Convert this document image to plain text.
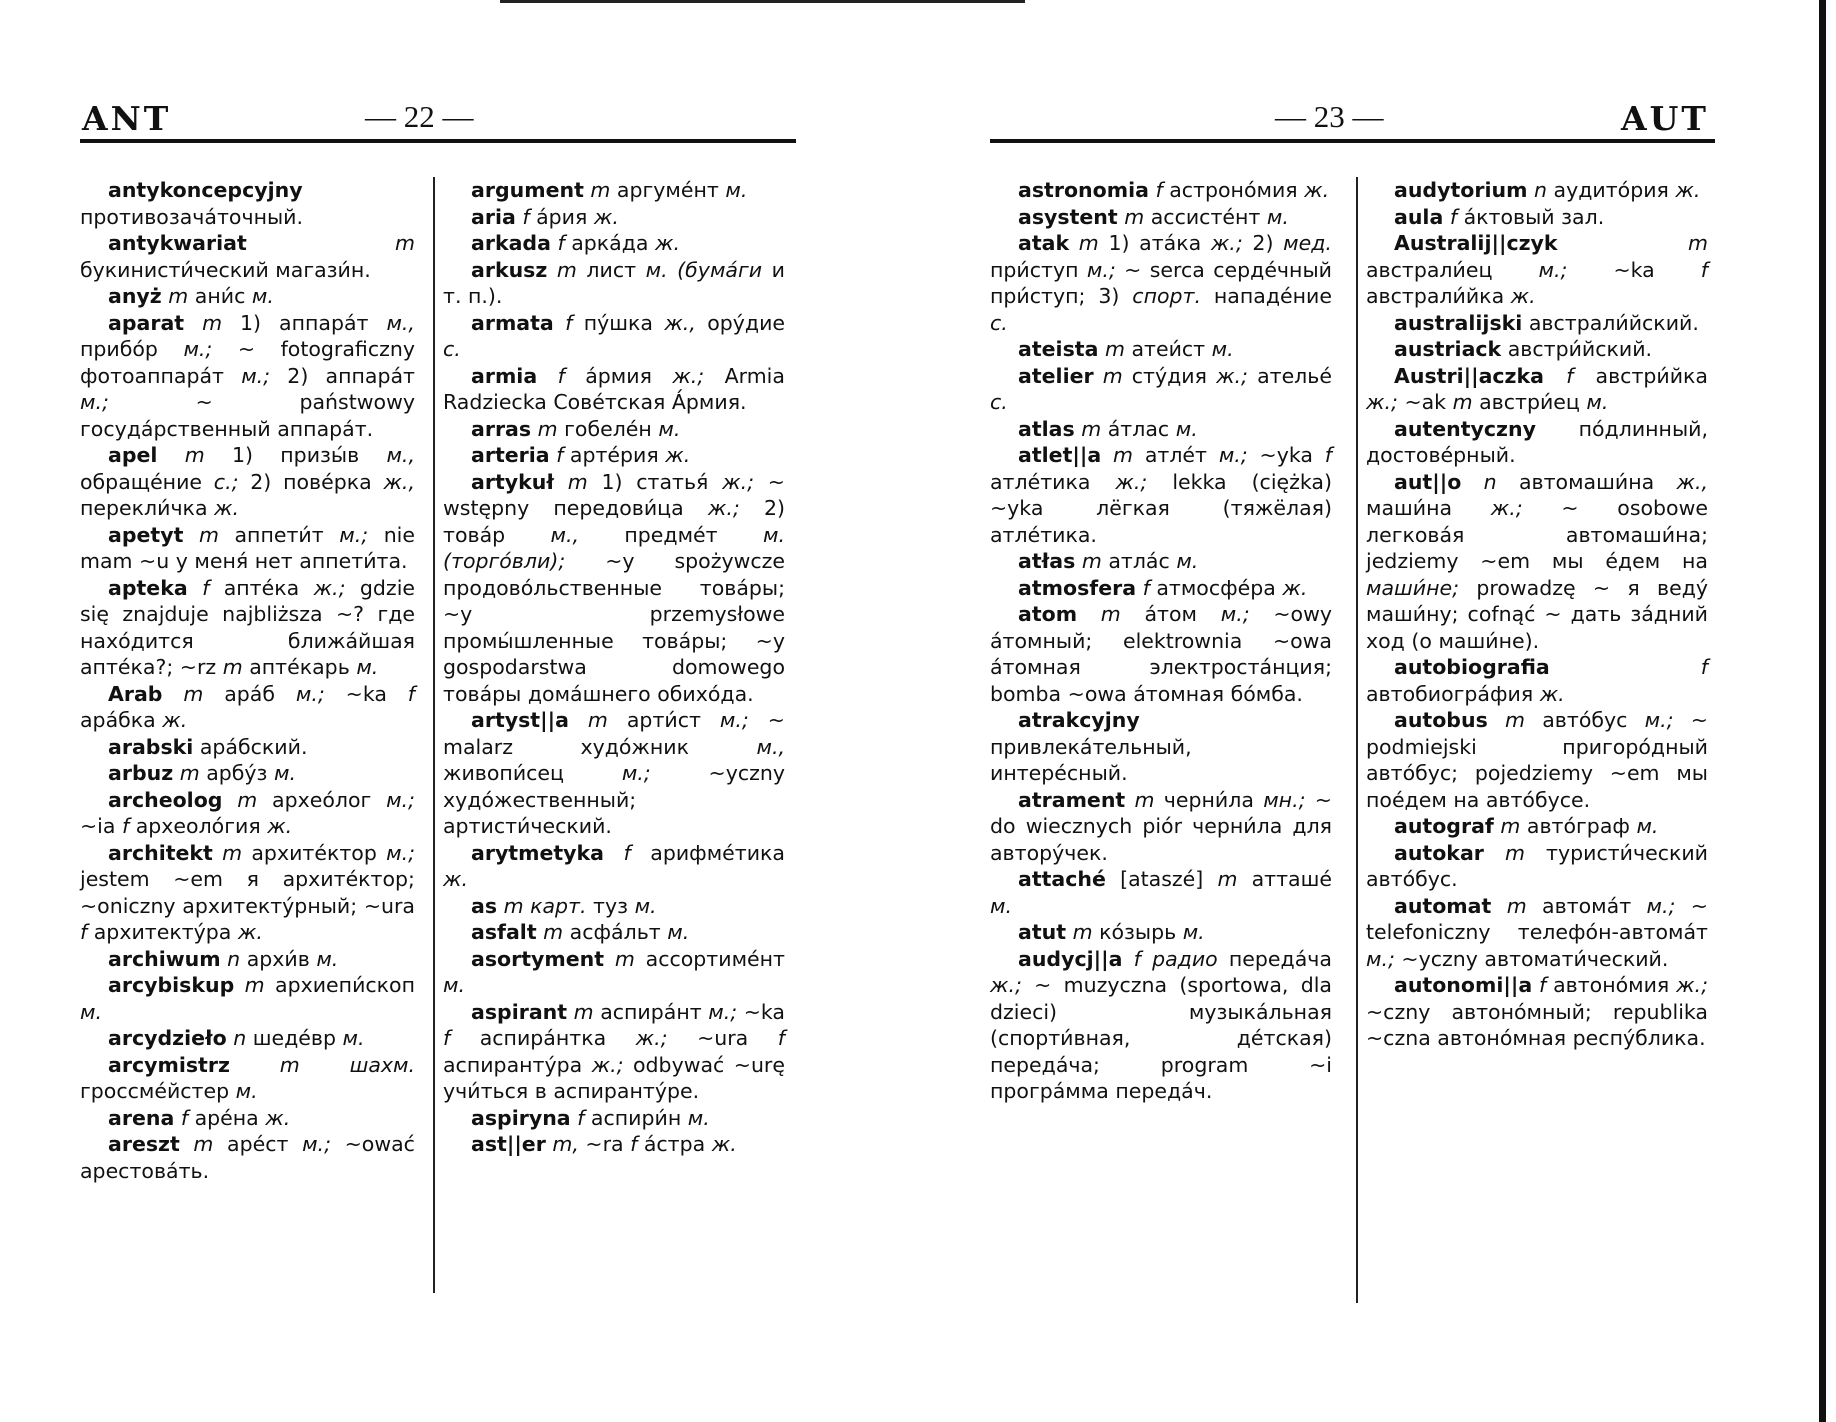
ANT	— 22 —

antykoncepcyjny противозача́точный.

antykwariat	m букинисти́ческий магази́н.

anyż m ани́с м.

aparat m 1) аппара́т м., прибо́р м.; ~ fotograficzny фотоаппара́т м.; 2) аппара́т м.;	~	państwowy госуда́рственный аппара́т.

apel m 1) призы́в м., обраще́ние с.; 2) пове́рка ж., перекли́чка ж.

apetyt m аппети́т м.; nie mam ~u у меня́ нет аппети́та.

apteka f апте́ка ж.; gdzie się znajduje najbliższa ~? где нахо́дится	ближа́йшая апте́ка?; ~rz m апте́карь м.

Arab m ара́б м.; ~ka f ара́бка ж.

arabski ара́бский.

arbuz m арбу́з м.

archeolog m архео́лог м.; ~ia f археоло́гия ж.

architekt m архите́ктор м.; jestem ~em я архите́ктор; ~oniczny архитекту́рный; ~ura f архитекту́ра ж.

archiwum n архи́в м.

arcybiskup m архиепи́скоп м.

arcydzieło n шеде́вр м.

arcymistrz m шахм. гроссме́йстер м.

arena f аре́на ж.

areszt m аре́ст м.; ~ować арестова́ть.

argument m аргуме́нт м.

aria f а́рия ж.

arkada f арка́да ж.

arkusz m лист м. (бума́ги и т. п.).

armata f пу́шка ж., ору́дие с.

armia f а́рмия ж.; Armia Radziecka Сове́тская А́рмия.

arras m гобеле́н м.

arteria f арте́рия ж.

artykuł m 1) статья́ ж.; ~ wstępny передови́ца ж.; 2) това́р м., предме́т м. (торго́вли); ~y spożywcze продово́льственные това́ры; ~y	przemysłowe промы́шленные това́ры; ~y gospodarstwa	domowego това́ры дома́шнего обихо́да.

artyst||a m арти́ст м.; ~ malarz	худо́жник	м., живопи́сец	м.;	~yczny худо́жественный; артисти́ческий.

arytmetyka f арифме́тика ж.

as m карт. туз м.

asfalt m асфа́льт м.

asortyment m ассортиме́нт м.

aspirant m аспира́нт м.; ~ka f аспира́нтка ж.; ~ura f аспиранту́ра ж.; odbywać ~urę учи́ться в аспиранту́ре.

aspiryna f аспири́н м.

ast||er m, ~ra f а́стра ж.

— 23 —	AUT

astronomia f астроно́мия ж.

asystent m ассисте́нт м.

atak m 1) ата́ка ж.; 2) мед. при́ступ м.; ~ serca серде́чный при́ступ; 3) спорт. нападе́ние с.

ateista m атеи́ст м.

atelier m сту́дия ж.; ателье́ с.

atlas m а́тлас м.

atlet||a m атле́т м.; ~yka f атле́тика ж.; lekka (ciężka) ~yka	лёгкая	(тяжёлая) атле́тика.

atłas m атла́с м.

atmosfera f атмосфе́ра ж.

atom m а́том м.; ~owy а́томный; elektrownia ~owa а́томная	электроста́нция; bomba ~owa а́томная бо́мба.

atrakcyjny привлека́тельный, интере́сный.

atrament m черни́ла мн.; ~ do wiecznych piór черни́ла для автору́чек.

attaché [ataszé] m атташе́ м.

atut m ко́зырь м.

audycj||a f радио переда́ча ж.; ~ muzyczna (sportowa, dla dzieci)	музыка́льная (спорти́вная,	де́тская) переда́ча;	program	~i програ́мма переда́ч.

audytorium n аудито́рия ж.

aula f а́ктовый зал.

Australij||czyk	m австрали́ец м.; ~ka f австрали́йка ж.

australijski австрали́йский.

austriack австри́йский.

Austri||aczka f австри́йка ж.; ~ak m австри́ец м.

autentyczny по́длинный, достове́рный.

aut||o n автомаши́на ж., маши́на ж.; ~ osobowe легкова́я	автомаши́на; jedziemy ~em мы е́дем на маши́не; prowadzę ~ я веду́ маши́ну; cofnąć ~ дать за́дний ход (о маши́не).

autobiografia	f автобиогра́фия ж.

autobus m авто́бус м.; ~ podmiejski	пригоро́дный авто́бус; pojedziemy ~em мы пое́дем на авто́бусе.

autograf m авто́граф м.

autokar m туристи́ческий авто́бус.

automat m автома́т м.; ~ telefoniczny телефо́н-автома́т м.; ~yczny автомати́ческий.

autonomi||a f автоно́мия ж.; ~czny автоно́мный; republika ~czna автоно́мная респу́блика.
